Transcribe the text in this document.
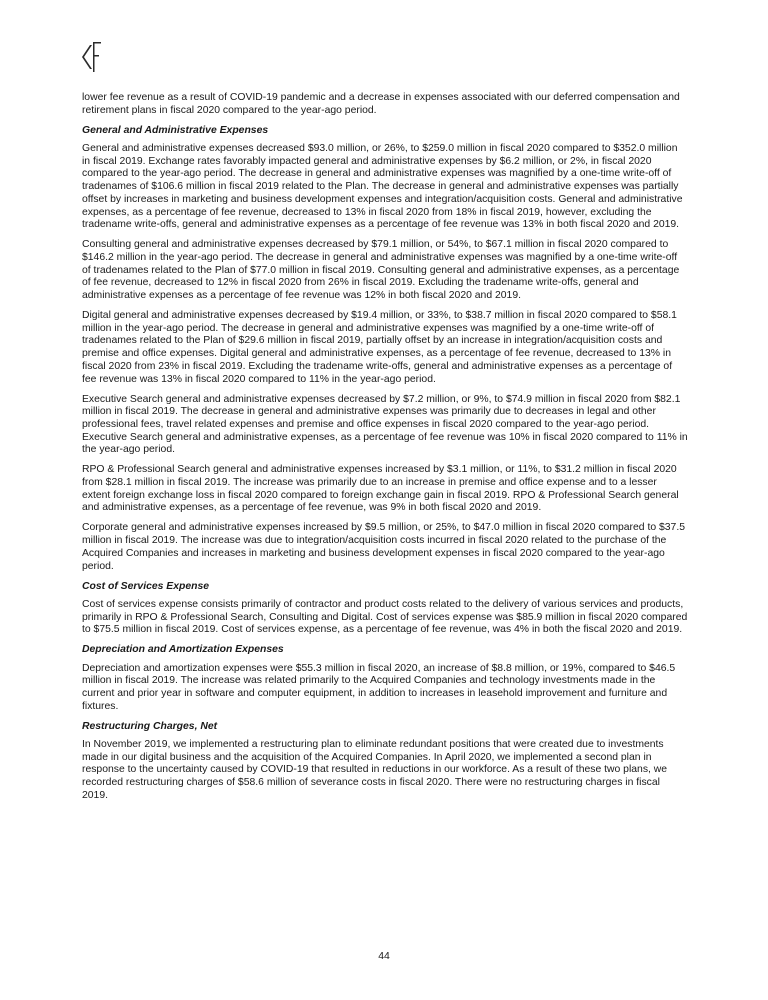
lower fee revenue as a result of COVID-19 pandemic and a decrease in expenses associated with our deferred compensation and retirement plans in fiscal 2020 compared to the year-ago period.

General and Administrative Expenses

General and administrative expenses decreased $93.0 million, or 26%, to $259.0 million in fiscal 2020 compared to $352.0 million in fiscal 2019. Exchange rates favorably impacted general and administrative expenses by $6.2 million, or 2%, in fiscal 2020 compared to the year-ago period. The decrease in general and administrative expenses was magnified by a one-time write-off of tradenames of $106.6 million in fiscal 2019 related to the Plan. The decrease in general and administrative expenses was partially offset by increases in marketing and business development expenses and integration/acquisition costs. General and administrative expenses, as a percentage of fee revenue, decreased to 13% in fiscal 2020 from 18% in fiscal 2019, however, excluding the tradename write-offs, general and administrative expenses as a percentage of fee revenue was 13% in both fiscal 2020 and 2019.

Consulting general and administrative expenses decreased by $79.1 million, or 54%, to $67.1 million in fiscal 2020 compared to $146.2 million in the year-ago period. The decrease in general and administrative expenses was magnified by a one-time write-off of tradenames related to the Plan of $77.0 million in fiscal 2019. Consulting general and administrative expenses, as a percentage of fee revenue, decreased to 12% in fiscal 2020 from 26% in fiscal 2019. Excluding the tradename write-offs, general and administrative expenses as a percentage of fee revenue was 12% in both fiscal 2020 and 2019.

Digital general and administrative expenses decreased by $19.4 million, or 33%, to $38.7 million in fiscal 2020 compared to $58.1 million in the year-ago period. The decrease in general and administrative expenses was magnified by a one-time write-off of tradenames related to the Plan of $29.6 million in fiscal 2019, partially offset by an increase in integration/acquisition costs and premise and office expenses. Digital general and administrative expenses, as a percentage of fee revenue, decreased to 13% in fiscal 2020 from 23% in fiscal 2019. Excluding the tradename write-offs, general and administrative expenses as a percentage of fee revenue was 13% in fiscal 2020 compared to 11% in the year-ago period.

Executive Search general and administrative expenses decreased by $7.2 million, or 9%, to $74.9 million in fiscal 2020 from $82.1 million in fiscal 2019. The decrease in general and administrative expenses was primarily due to decreases in legal and other professional fees, travel related expenses and premise and office expenses in fiscal 2020 compared to the year-ago period. Executive Search general and administrative expenses, as a percentage of fee revenue was 10% in fiscal 2020 compared to 11% in the year-ago period.

RPO & Professional Search general and administrative expenses increased by $3.1 million, or 11%, to $31.2 million in fiscal 2020 from $28.1 million in fiscal 2019. The increase was primarily due to an increase in premise and office expense and to a lesser extent foreign exchange loss in fiscal 2020 compared to foreign exchange gain in fiscal 2019. RPO & Professional Search general and administrative expenses, as a percentage of fee revenue, was 9% in both fiscal 2020 and 2019.

Corporate general and administrative expenses increased by $9.5 million, or 25%, to $47.0 million in fiscal 2020 compared to $37.5 million in fiscal 2019. The increase was due to integration/acquisition costs incurred in fiscal 2020 related to the purchase of the Acquired Companies and increases in marketing and business development expenses in fiscal 2020 compared to the year-ago period.

Cost of Services Expense

Cost of services expense consists primarily of contractor and product costs related to the delivery of various services and products, primarily in RPO & Professional Search, Consulting and Digital. Cost of services expense was $85.9 million in fiscal 2020 compared to $75.5 million in fiscal 2019. Cost of services expense, as a percentage of fee revenue, was 4% in both the fiscal 2020 and 2019.

Depreciation and Amortization Expenses

Depreciation and amortization expenses were $55.3 million in fiscal 2020, an increase of $8.8 million, or 19%, compared to $46.5 million in fiscal 2019. The increase was related primarily to the Acquired Companies and technology investments made in the current and prior year in software and computer equipment, in addition to increases in leasehold improvement and furniture and fixtures.

Restructuring Charges, Net

In November 2019, we implemented a restructuring plan to eliminate redundant positions that were created due to investments made in our digital business and the acquisition of the Acquired Companies. In April 2020, we implemented a second plan in response to the uncertainty caused by COVID-19 that resulted in reductions in our workforce. As a result of these two plans, we recorded restructuring charges of $58.6 million of severance costs in fiscal 2020. There were no restructuring charges in fiscal 2019.

44
